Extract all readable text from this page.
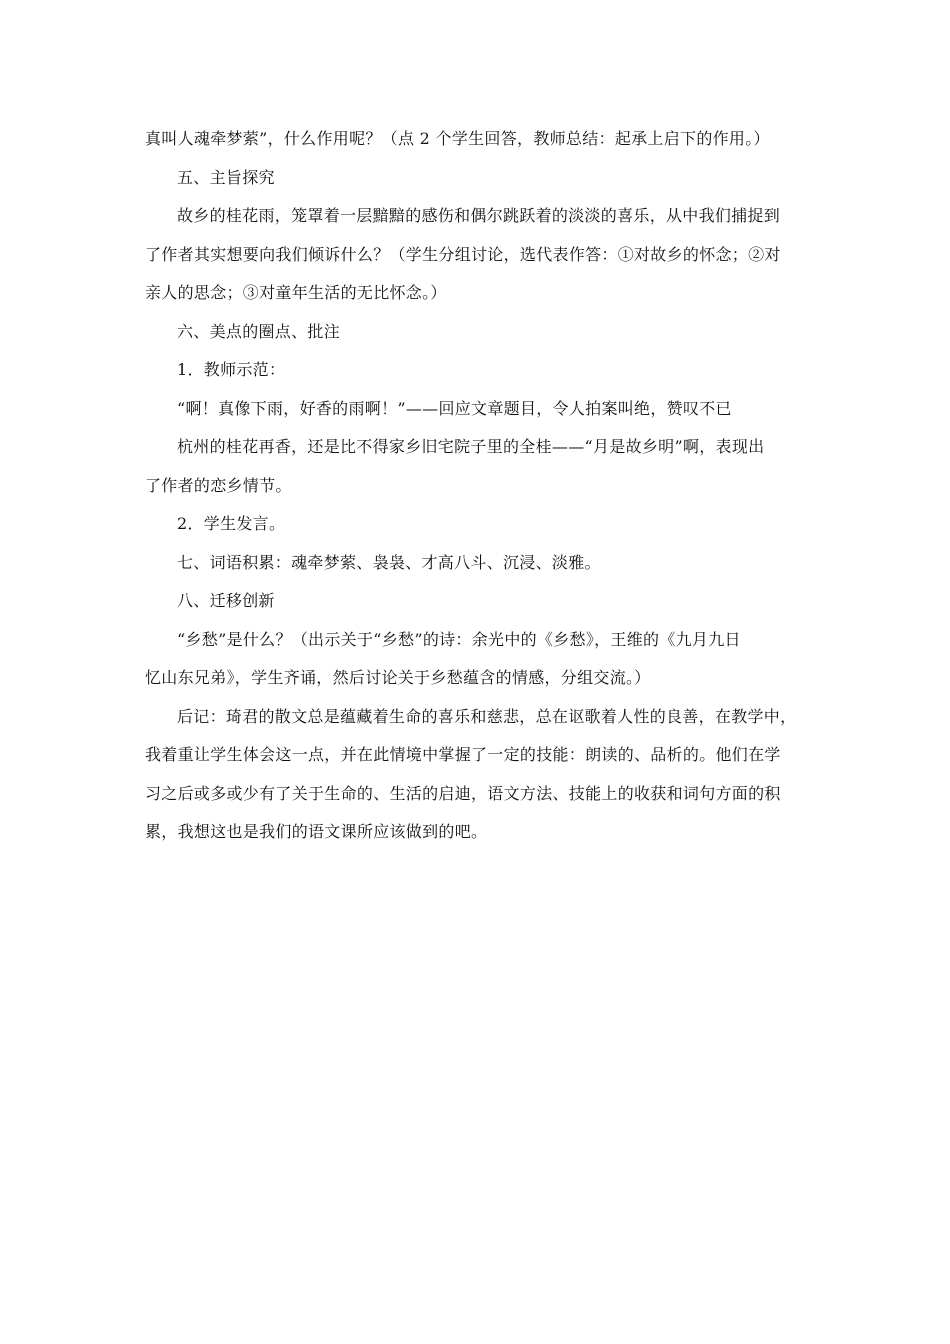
真叫人魂牵梦萦”，什么作用呢？（点 2 个学生回答，教师总结：起承上启下的作用。）
五、主旨探究
故乡的桂花雨，笼罩着一层黯黯的感伤和偶尔跳跃着的淡淡的喜乐，从中我们捕捉到
了作者其实想要向我们倾诉什么？（学生分组讨论，选代表作答：①对故乡的怀念；②对
亲人的思念；③对童年生活的无比怀念。）
六、美点的圈点、批注
1．教师示范：
“啊！真像下雨，好香的雨啊！”——回应文章题目，令人拍案叫绝，赞叹不已
杭州的桂花再香，还是比不得家乡旧宅院子里的全桂——“月是故乡明”啊，表现出
了作者的恋乡情节。
2．学生发言。
七、词语积累：魂牵梦萦、袅袅、才高八斗、沉浸、淡雅。
八、迁移创新
“乡愁”是什么？（出示关于“乡愁”的诗：余光中的《乡愁》，王维的《九月九日
忆山东兄弟》，学生齐诵，然后讨论关于乡愁蕴含的情感，分组交流。）
后记：琦君的散文总是蕴藏着生命的喜乐和慈悲，总在讴歌着人性的良善，在教学中，
我着重让学生体会这一点，并在此情境中掌握了一定的技能：朗读的、品析的。他们在学
习之后或多或少有了关于生命的、生活的启迪，语文方法、技能上的收获和词句方面的积
累，我想这也是我们的语文课所应该做到的吧。
